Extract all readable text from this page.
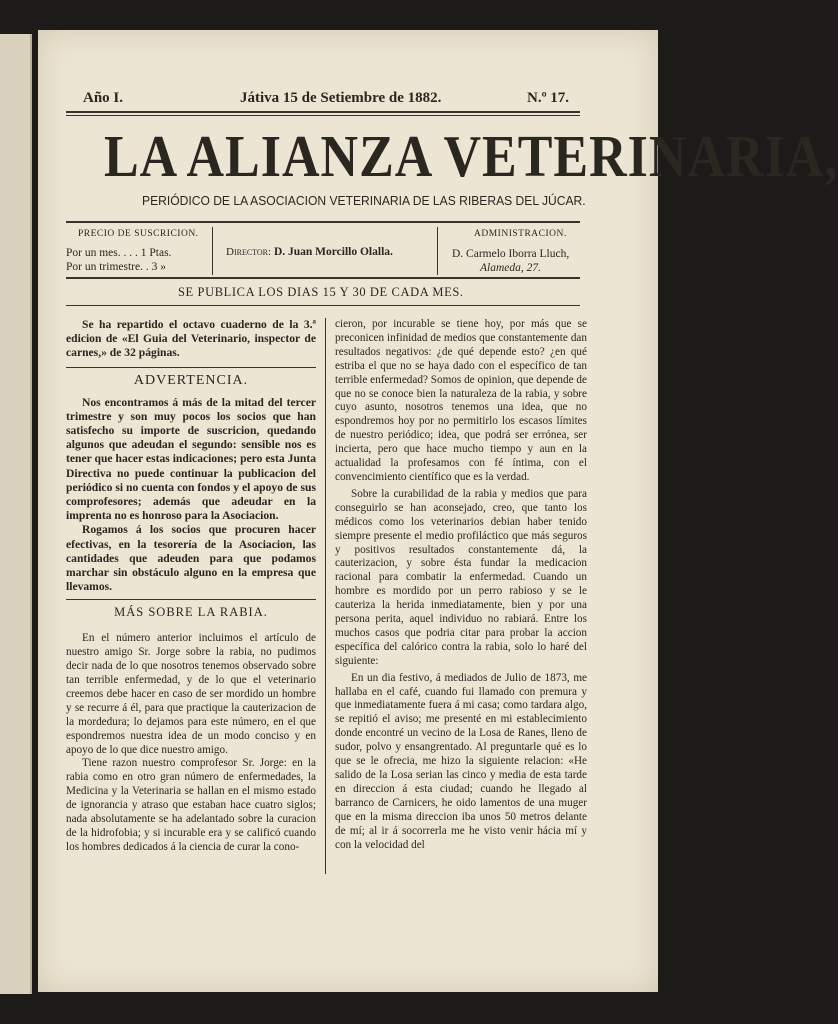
Año I.	Játiva 15 de Setiembre de 1882.	N.º 17.
LA ALIANZA VETERINARIA,
PERIÓDICO DE LA ASOCIACION VETERINARIA DE LAS RIBERAS DEL JÚCAR.
PRECIO DE SUSCRICION.
Por un mes. . . . 1 Ptas.
Por un trimestre. . 3 »
Director: D. Juan Morcillo Olalla.
ADMINISTRACION.
D. Carmelo Iborra Lluch,
Alameda, 27.
SE PUBLICA LOS DIAS 15 Y 30 DE CADA MES.

Se ha repartido el octavo cuaderno de la 3.ª edicion de «El Guia del Veterinario, inspector de carnes,» de 32 páginas.

ADVERTENCIA.

Nos encontramos á más de la mitad del tercer trimestre y son muy pocos los socios que han satisfecho su importe de suscricion, quedando algunos que adeudan el segundo: sensible nos es tener que hacer estas indicaciones; pero esta Junta Directiva no puede continuar la publicacion del periódico si no cuenta con fondos y el apoyo de sus comprofesores; además que adeudar en la imprenta no es honroso para la Asociacion.

Rogamos á los socios que procuren hacer efectivas, en la tesorería de la Asociacion, las cantidades que adeuden para que podamos marchar sin obstáculo alguno en la empresa que llevamos.

MÁS SOBRE LA RABIA.

En el número anterior incluimos el artículo de nuestro amigo Sr. Jorge sobre la rabia, no pudimos decir nada de lo que nosotros tenemos observado sobre tan terrible enfermedad, y de lo que el veterinario creemos debe hacer en caso de ser mordido un hombre y se recurre á él, para que practique la cauterizacion de la mordedura; lo dejamos para este número, en el que espondremos nuestra idea de un modo conciso y en apoyo de lo que dice nuestro amigo.

Tiene razon nuestro comprofesor Sr. Jorge: en la rabia como en otro gran número de enfermedades, la Medicina y la Veterinaria se hallan en el mismo estado de ignorancia y atraso que estaban hace cuatro siglos; nada absolutamente se ha adelantado sobre la curacion de la hidrofobia; y si incurable era y se calificó cuando los hombres dedicados á la ciencia de curar la cono-

cieron, por incurable se tiene hoy, por más que se preconicen infinidad de medios que constantemente dan resultados negativos: ¿de qué depende esto? ¿en qué estriba el que no se haya dado con el específico de tan terrible enfermedad? Somos de opinion, que depende de que no se conoce bien la naturaleza de la rabia, y sobre cuyo asunto, nosotros tenemos una idea, que no espondremos hoy por no permitirlo los escasos límites de nuestro periódico; idea, que podrá ser errónea, ser incierta, pero que hace mucho tiempo y aun en la actualidad la profesamos con fé íntima, con el convencimiento científico que es la verdad.

Sobre la curabilidad de la rabia y medios que para conseguirlo se han aconsejado, creo, que tanto los médicos como los veterinarios debian haber tenido siempre presente el medio profiláctico que más seguros y positivos resultados constantemente dá, la cauterizacion, y sobre ésta fundar la medicacion racional para combatir la enfermedad. Cuando un hombre es mordido por un perro rabioso y se le cauteriza la herida inmediatamente, bien y por una persona perita, aquel individuo no rabiará. Entre los muchos casos que podria citar para probar la accion específica del calórico contra la rabia, solo lo haré del siguiente:

En un dia festivo, á mediados de Julio de 1873, me hallaba en el café, cuando fui llamado con premura y que inmediatamente fuera á mi casa; como tardara algo, se repitió el aviso; me presenté en mi establecimiento donde encontré un vecino de la Losa de Ranes, lleno de sudor, polvo y ensangrentado. Al preguntarle qué es lo que se le ofrecia, me hizo la siguiente relacion: «He salido de la Losa serian las cinco y media de esta tarde en direccion á esta ciudad; cuando he llegado al barranco de Carnicers, he oido lamentos de una muger que en la misma direccion iba unos 50 metros delante de mí; al ir á socorrerla me he visto venir hácia mí y con la velocidad del
